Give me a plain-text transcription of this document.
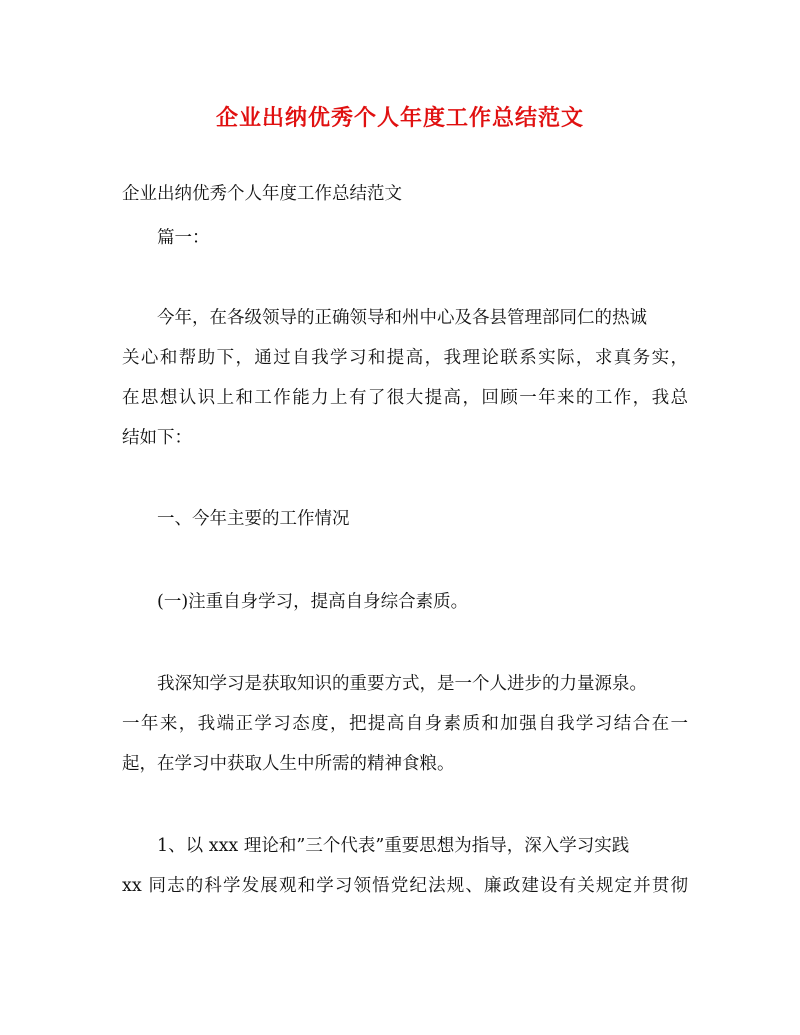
企业出纳优秀个人年度工作总结范文
企业出纳优秀个人年度工作总结范文
篇一：
今年，在各级领导的正确领导和州中心及各县管理部同仁的热诚
关心和帮助下，通过自我学习和提高，我理论联系实际，求真务实，
在思想认识上和工作能力上有了很大提高，回顾一年来的工作，我总
结如下：
一、今年主要的工作情况
(一)注重自身学习，提高自身综合素质。
我深知学习是获取知识的重要方式，是一个人进步的力量源泉。
一年来，我端正学习态度，把提高自身素质和加强自我学习结合在一
起，在学习中获取人生中所需的精神食粮。
1、以 xxx 理论和”三个代表”重要思想为指导，深入学习实践
xx 同志的科学发展观和学习领悟党纪法规、廉政建设有关规定并贯彻
